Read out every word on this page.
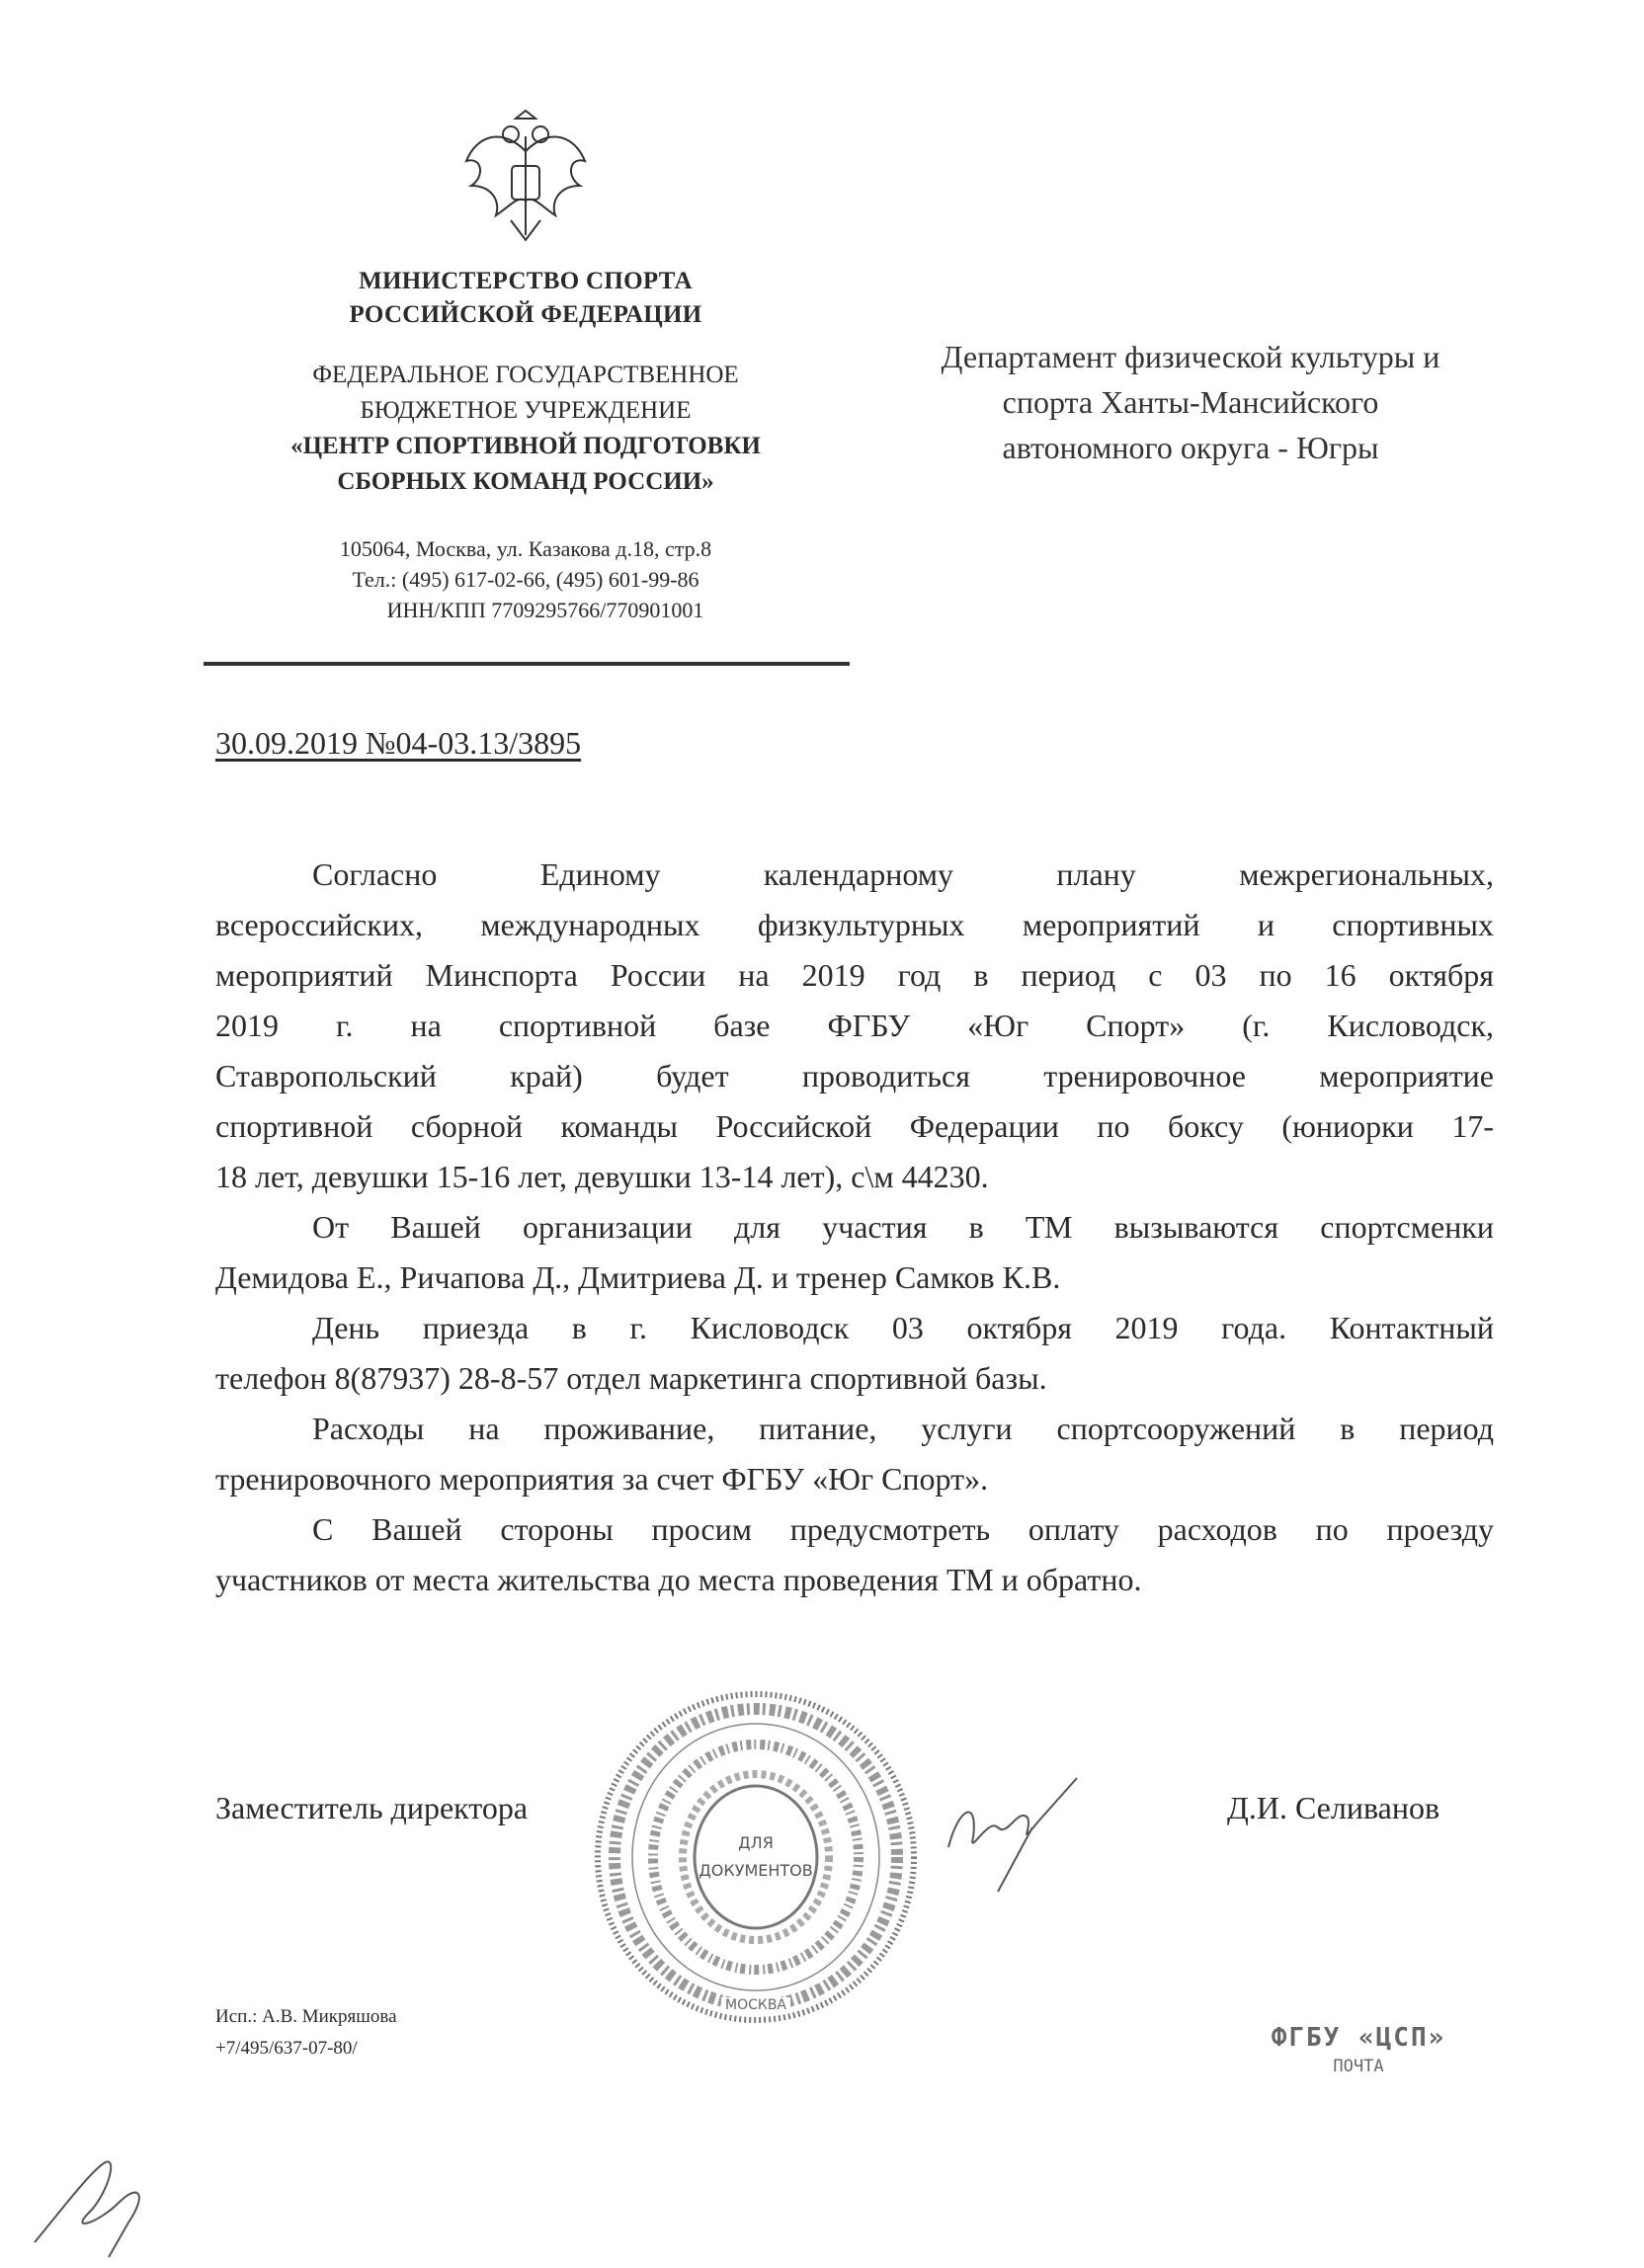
МИНИСТЕРСТВО СПОРТА
РОССИЙСКОЙ ФЕДЕРАЦИИ
ФЕДЕРАЛЬНОЕ ГОСУДАРСТВЕННОЕ
БЮДЖЕТНОЕ УЧРЕЖДЕНИЕ
«ЦЕНТР СПОРТИВНОЙ ПОДГОТОВКИ
СБОРНЫХ КОМАНД РОССИИ»
105064, Москва, ул. Казакова д.18, стр.8
Тел.: (495) 617-02-66, (495) 601-99-86
ИНН/КПП 7709295766/770901001
Департамент физической культуры и
спорта Ханты-Мансийского
автономного округа - Югры
30.09.2019 №04-03.13/3895
Согласно Единому календарному плану межрегиональных,
всероссийских, международных физкультурных мероприятий и спортивных
мероприятий Минспорта России на 2019 год в период с 03 по 16 октября
2019 г. на спортивной базе ФГБУ «Юг Спорт» (г. Кисловодск,
Ставропольский край) будет проводиться тренировочное мероприятие
спортивной сборной команды Российской Федерации по боксу (юниорки 17-
18 лет, девушки 15-16 лет, девушки 13-14 лет), с\м 44230.
От Вашей организации для участия в ТМ вызываются спортсменки
Демидова Е., Ричапова Д., Дмитриева Д. и тренер Самков К.В.
День приезда в г. Кисловодск 03 октября 2019 года. Контактный
телефон 8(87937) 28-8-57 отдел маркетинга спортивной базы.
Расходы на проживание, питание, услуги спортсооружений в период
тренировочного мероприятия за счет ФГБУ «Юг Спорт».
С Вашей стороны просим предусмотреть оплату расходов по проезду
участников от места жительства до места проведения ТМ и обратно.
Заместитель директора	Д.И. Селиванов
ДЛЯ
ДОКУМЕНТОВ
МОСКВА
Исп.: А.В. Микряшова
+7/495/637-07-80/	ФГБУ «ЦСП»
ПОЧТА
